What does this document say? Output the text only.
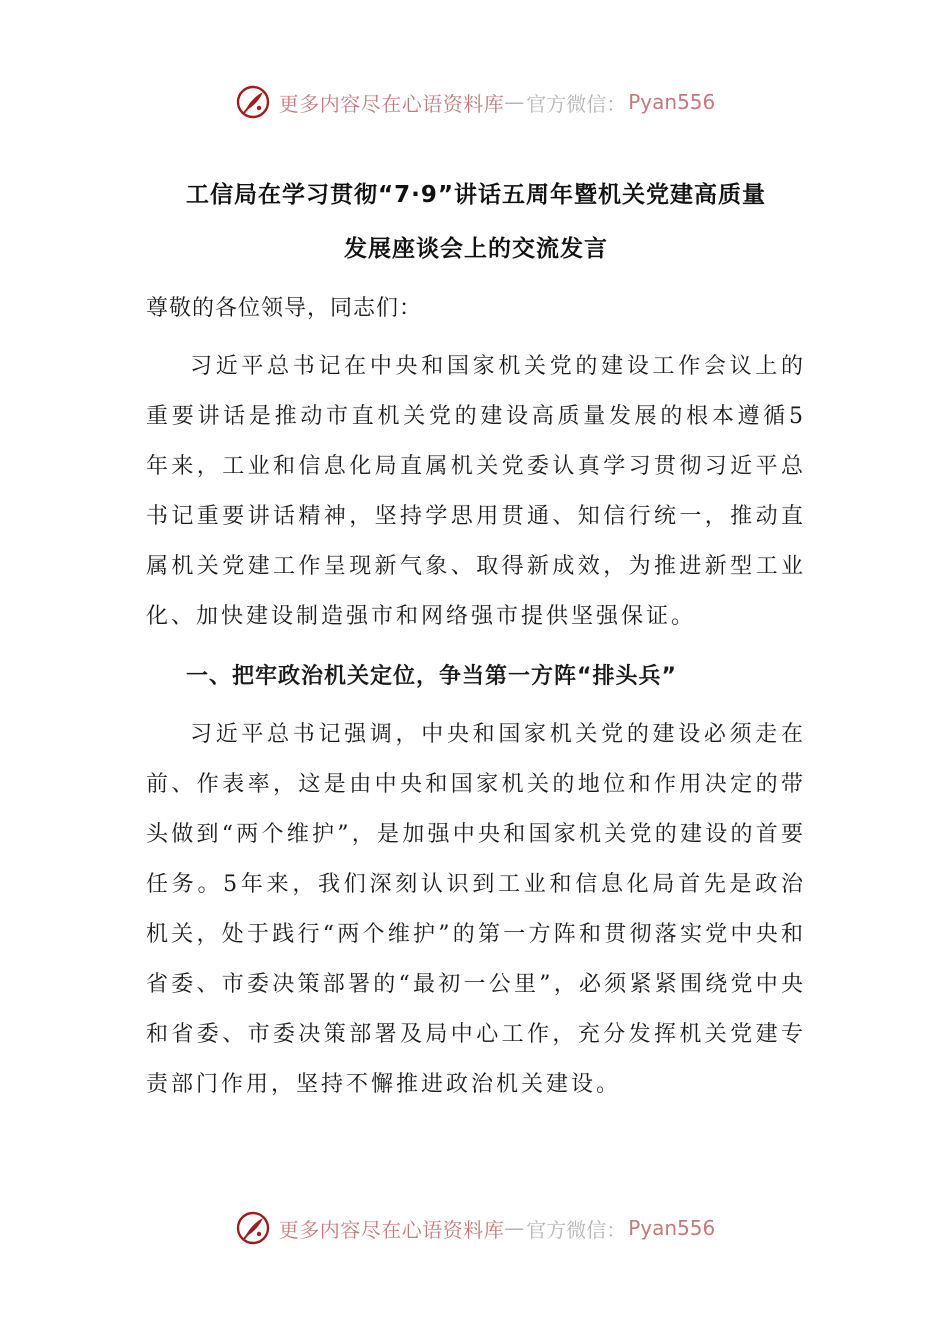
更多内容尽在心语资料库 — 官方微信： Pyan556
工信局在学习贯彻“7·9”讲话五周年暨机关党建高质量
发展座谈会上的交流发言

尊敬的各位领导，同志们：

习近平总书记在中央和国家机关党的建设工作会议上的重要讲话是推动市直机关党的建设高质量发展的根本遵循5年来，工业和信息化局直属机关党委认真学习贯彻习近平总书记重要讲话精神，坚持学思用贯通、知信行统一，推动直属机关党建工作呈现新气象、取得新成效，为推进新型工业化、加快建设制造强市和网络强市提供坚强保证。

一、把牢政治机关定位，争当第一方阵“排头兵”

习近平总书记强调，中央和国家机关党的建设必须走在前、作表率，这是由中央和国家机关的地位和作用决定的带头做到“两个维护”，是加强中央和国家机关党的建设的首要任务。5年来，我们深刻认识到工业和信息化局首先是政治机关，处于践行“两个维护”的第一方阵和贯彻落实党中央和省委、市委决策部署的“最初一公里”，必须紧紧围绕党中央和省委、市委决策部署及局中心工作，充分发挥机关党建专责部门作用，坚持不懈推进政治机关建设。

更多内容尽在心语资料库 — 官方微信： Pyan556
